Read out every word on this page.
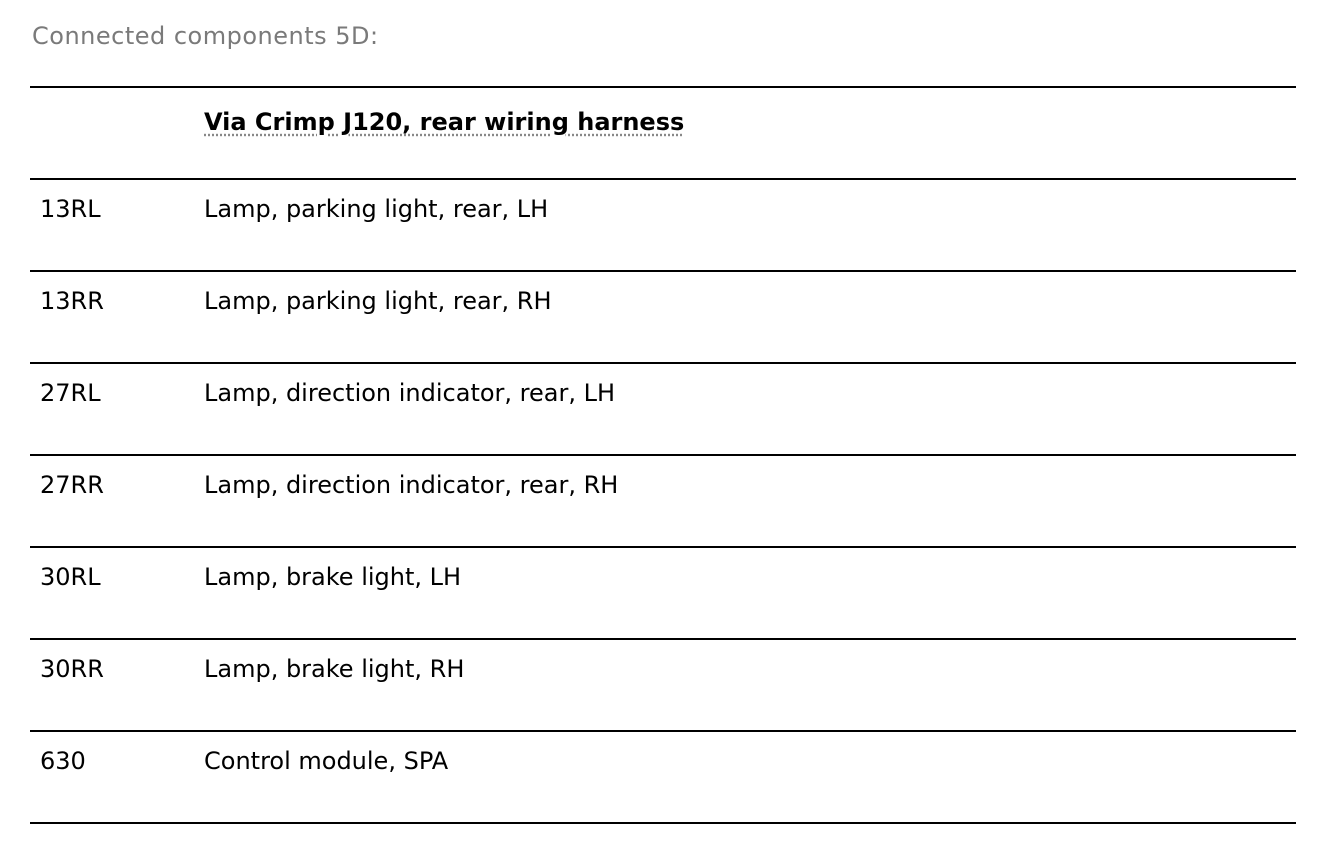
Connected components 5D:
Via Crimp J120, rear wiring harness
13RL	Lamp, parking light, rear, LH
13RR	Lamp, parking light, rear, RH
27RL	Lamp, direction indicator, rear, LH
27RR	Lamp, direction indicator, rear, RH
30RL	Lamp, brake light, LH
30RR	Lamp, brake light, RH
630	Control module, SPA
